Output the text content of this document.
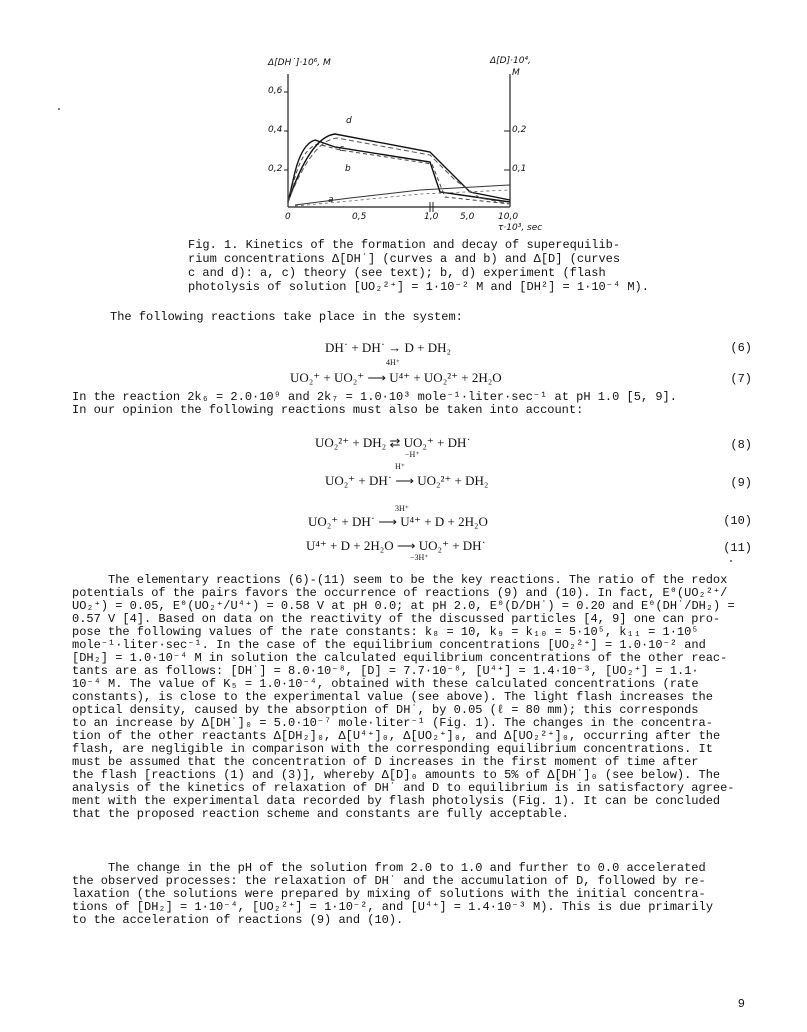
Δ[DH˙]·10⁶, M	Δ[D]·10⁴,
M
0,6
0,4
0,2
0,2
0,1
0	0,5	1,0 5,0	10,0
τ·10³, sec
a
b
c
d
Fig. 1. Kinetics of the formation and decay of superequilib-
rium concentrations Δ[DH˙] (curves a and b) and Δ[D] (curves
c and d): a, c) theory (see text); b, d) experiment (flash
photolysis of solution [UO₂²⁺] = 1·10⁻² M and [DH²] = 1·10⁻⁴ M).
The following reactions take place in the system:
DH˙ + DH˙ → D + DH₂	(6)
4H⁺
UO₂⁺ + UO₂⁺ ⟶ U⁴⁺ + UO₂²⁺ + 2H₂O	(7)
In the reaction 2k₆ = 2.0·10⁹ and 2k₇ = 1.0·10³ mole⁻¹·liter·sec⁻¹ at pH 1.0 [5, 9].
In our opinion the following reactions must also be taken into account:
UO₂²⁺ + DH₂ ⇄ UO₂⁺ + DH˙
−H⁺
(8)
H⁺
UO₂⁺ + DH˙ ⟶ UO₂²⁺ + DH₂	(9)
3H⁺
UO₂⁺ + DH˙ ⟶ U⁴⁺ + D + 2H₂O	(10)
U⁴⁺ + D + 2H₂O ⟶ UO₂⁺ + DH˙
−3H⁺
(11)
The elementary reactions (6)-(11) seem to be the key reactions. The ratio of the redox
potentials of the pairs favors the occurrence of reactions (9) and (10). In fact, E⁰(UO₂²⁺/
UO₂⁺) = 0.05, E⁰(UO₂⁺/U⁴⁺) = 0.58 V at pH 0.0; at pH 2.0, E⁰(D/DH˙) = 0.20 and E⁰(DH˙/DH₂) =
0.57 V [4]. Based on data on the reactivity of the discussed particles [4, 9] one can pro-
pose the following values of the rate constants: k₈ = 10, k₉ = k₁₀ = 5·10⁵, k₁₁ = 1·10⁵
mole⁻¹·liter·sec⁻¹. In the case of the equilibrium concentrations [UO₂²⁺] = 1.0·10⁻² and
[DH₂] = 1.0·10⁻⁴ M in solution the calculated equilibrium concentrations of the other reac-
tants are as follows: [DH˙] = 8.0·10⁻⁸, [D] = 7.7·10⁻⁸, [U⁴⁺] = 1.4·10⁻³, [UO₂⁺] = 1.1·
10⁻⁴ M. The value of K₅ = 1.0·10⁻⁴, obtained with these calculated concentrations (rate
constants), is close to the experimental value (see above). The light flash increases the
optical density, caused by the absorption of DH˙, by 0.05 (ℓ = 80 mm); this corresponds
to an increase by Δ[DH˙]₀ = 5.0·10⁻⁷ mole·liter⁻¹ (Fig. 1). The changes in the concentra-
tion of the other reactants Δ[DH₂]₀, Δ[U⁴⁺]₀, Δ[UO₂⁺]₀, and Δ[UO₂²⁺]₀, occurring after the
flash, are negligible in comparison with the corresponding equilibrium concentrations. It
must be assumed that the concentration of D increases in the first moment of time after
the flash [reactions (1) and (3)], whereby Δ[D]₀ amounts to 5% of Δ[DH˙]₀ (see below). The
analysis of the kinetics of relaxation of DH˙ and D to equilibrium is in satisfactory agree-
ment with the experimental data recorded by flash photolysis (Fig. 1). It can be concluded
that the proposed reaction scheme and constants are fully acceptable.
The change in the pH of the solution from 2.0 to 1.0 and further to 0.0 accelerated
the observed processes: the relaxation of DH˙ and the accumulation of D, followed by re-
laxation (the solutions were prepared by mixing of solutions with the initial concentra-
tions of [DH₂] = 1·10⁻⁴, [UO₂²⁺] = 1·10⁻², and [U⁴⁺] = 1.4·10⁻³ M). This is due primarily
to the acceleration of reactions (9) and (10).
9
